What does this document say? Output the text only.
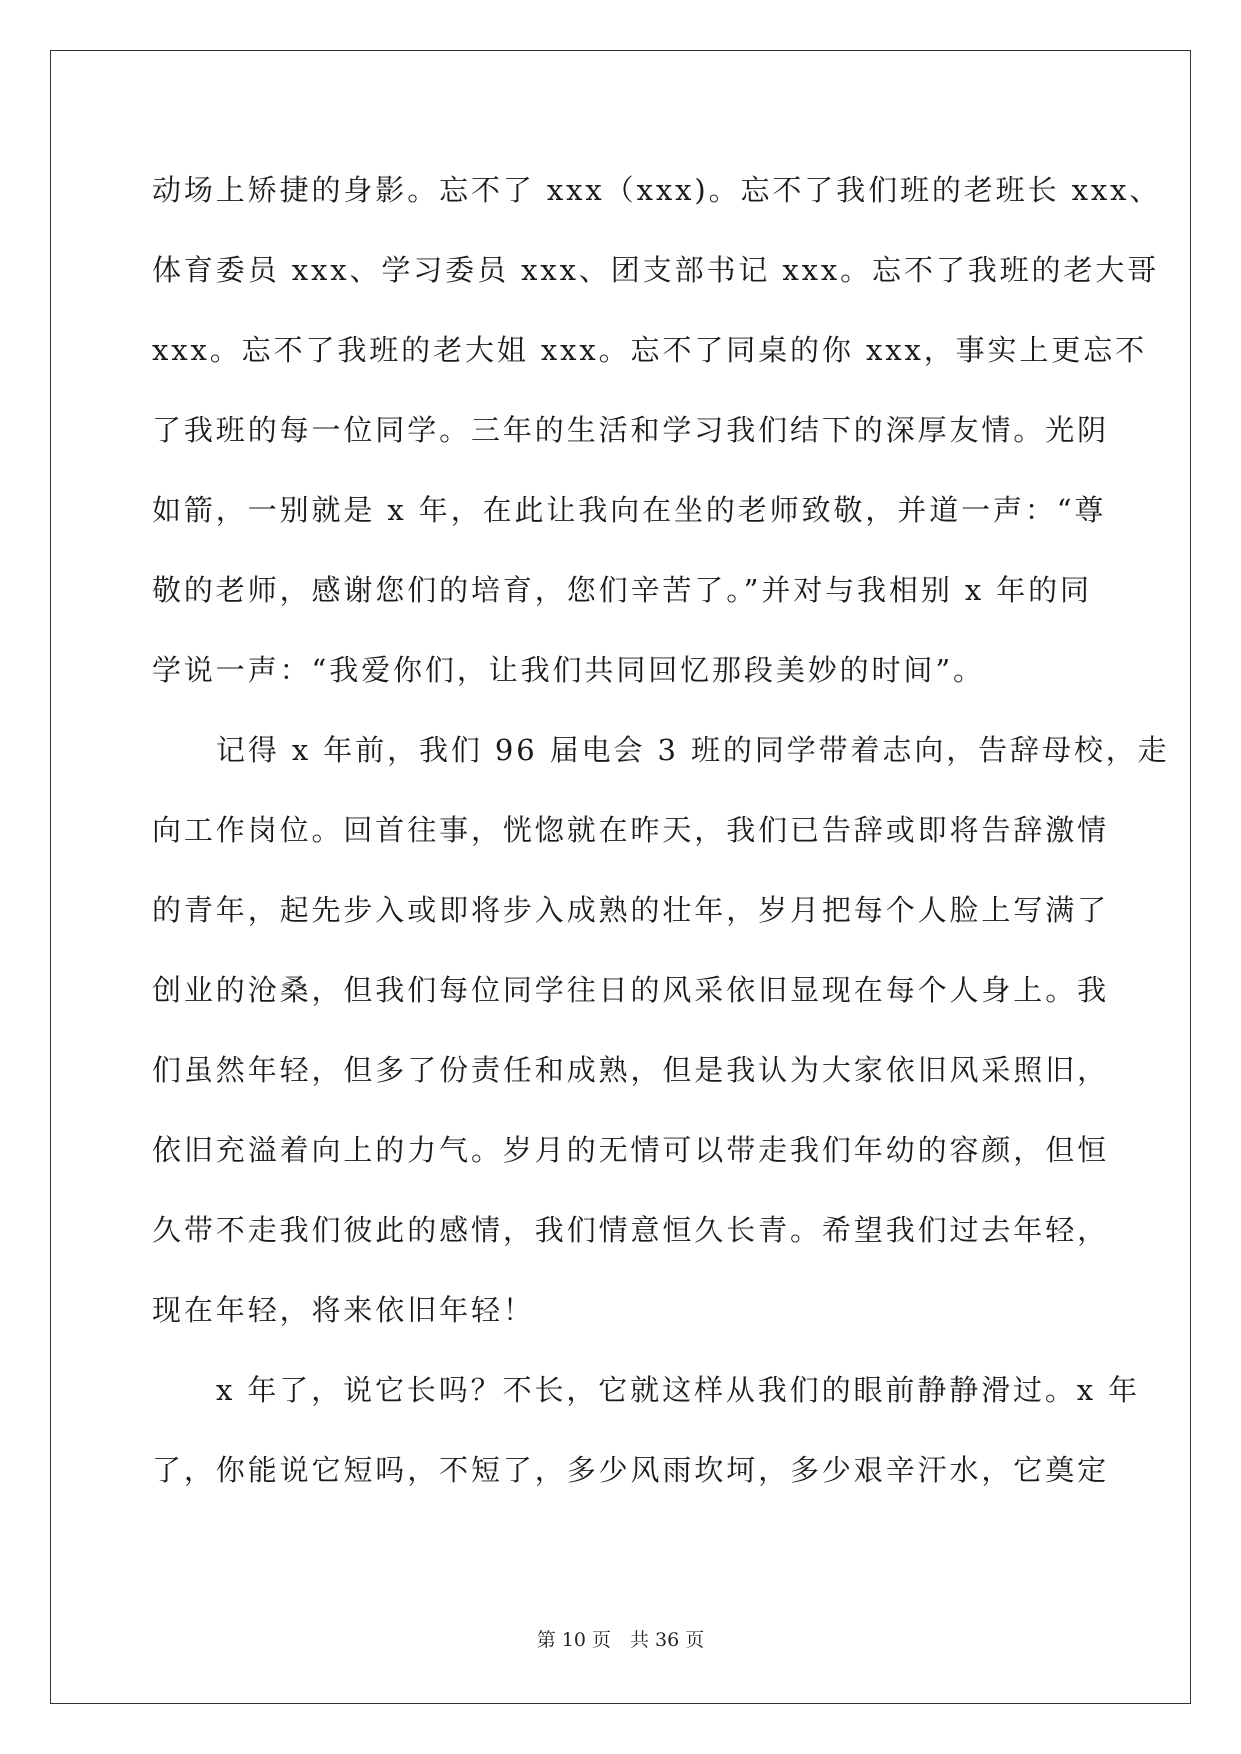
动场上矫捷的身影。忘不了 xxx（xxx)。忘不了我们班的老班长 xxx、
体育委员 xxx、学习委员 xxx、团支部书记 xxx。忘不了我班的老大哥
xxx。忘不了我班的老大姐 xxx。忘不了同桌的你 xxx，事实上更忘不
了我班的每一位同学。三年的生活和学习我们结下的深厚友情。光阴
如箭，一别就是 x 年，在此让我向在坐的老师致敬，并道一声：“尊
敬的老师，感谢您们的培育，您们辛苦了。”并对与我相别 x 年的同
学说一声：“我爱你们，让我们共同回忆那段美妙的时间”。
记得 x 年前，我们 96 届电会 3 班的同学带着志向，告辞母校，走
向工作岗位。回首往事，恍惚就在昨天，我们已告辞或即将告辞激情
的青年，起先步入或即将步入成熟的壮年，岁月把每个人脸上写满了
创业的沧桑，但我们每位同学往日的风采依旧显现在每个人身上。我
们虽然年轻，但多了份责任和成熟，但是我认为大家依旧风采照旧，
依旧充溢着向上的力气。岁月的无情可以带走我们年幼的容颜，但恒
久带不走我们彼此的感情，我们情意恒久长青。希望我们过去年轻，
现在年轻，将来依旧年轻！
x 年了，说它长吗？不长，它就这样从我们的眼前静静滑过。x 年
了，你能说它短吗，不短了，多少风雨坎坷，多少艰辛汗水，它奠定
第 10 页　共 36 页
